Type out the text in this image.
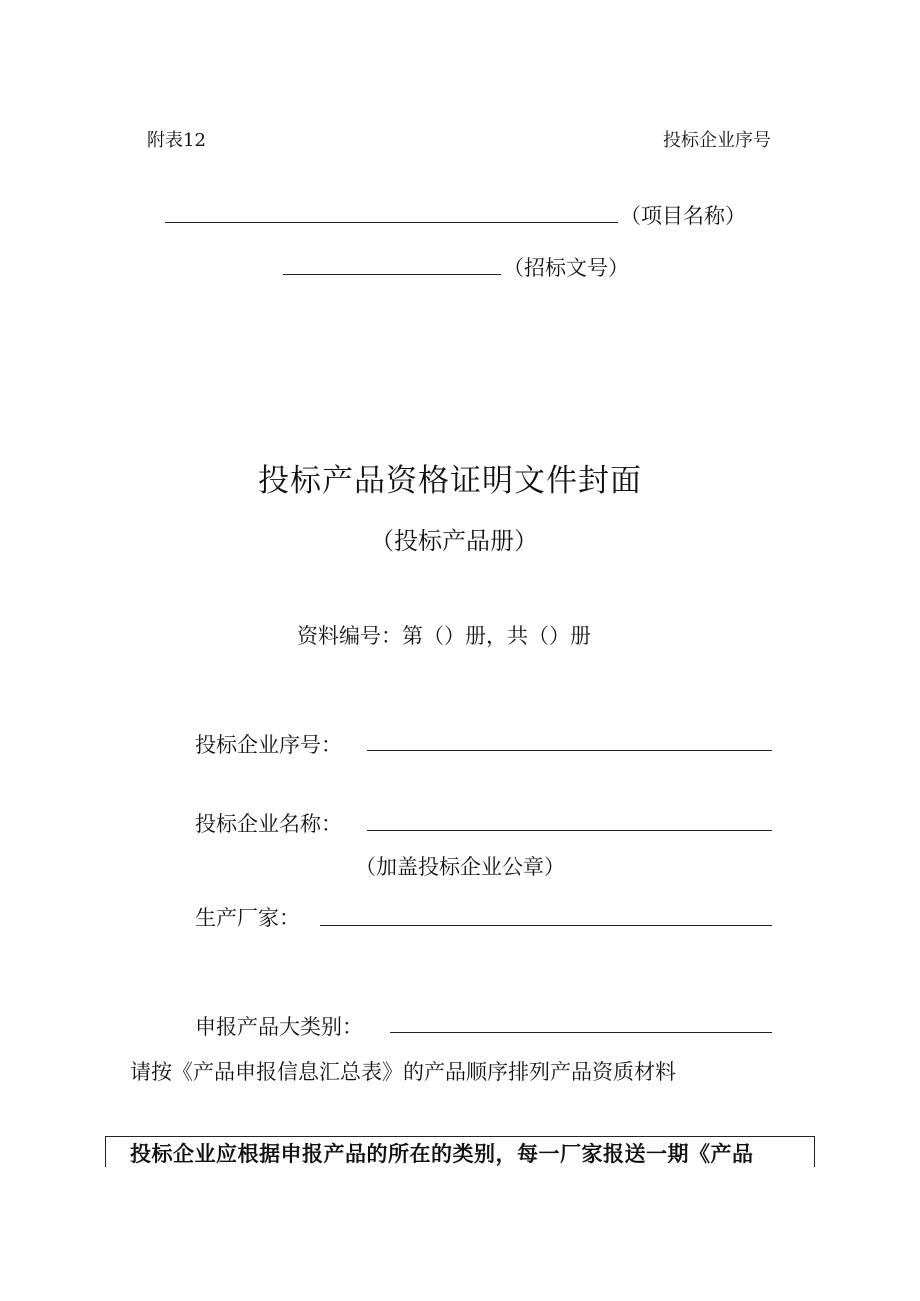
附表12	投标企业序号
（项目名称）
（招标文号）
投标产品资格证明文件封面
（投标产品册）
资料编号：第（）册，共（）册
投标企业序号：
投标企业名称：
（加盖投标企业公章）
生产厂家：
申报产品大类别：
请按《产品申报信息汇总表》的产品顺序排列产品资质材料
投标企业应根据申报产品的所在的类别，每一厂家报送一期《产品
